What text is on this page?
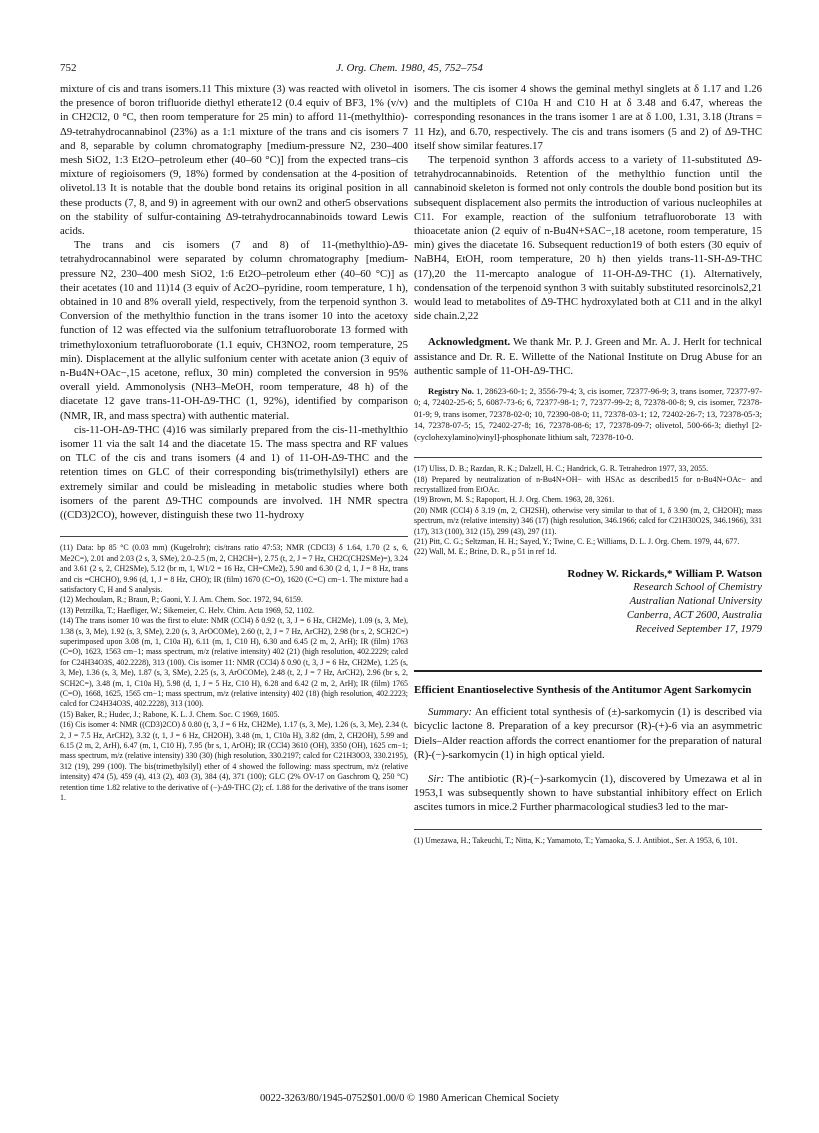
752	J. Org. Chem. 1980, 45, 752–754

mixture of cis and trans isomers.11 This mixture (3) was reacted with olivetol in the presence of boron trifluoride diethyl etherate12 (0.4 equiv of BF3, 1% (v/v) in CH2Cl2, 0 °C, then room temperature for 25 min) to afford 11-(methylthio)-Δ9-tetrahydrocannabinol (23%) as a 1:1 mixture of the trans and cis isomers 7 and 8, separable by column chromatography [medium-pressure N2, 230–400 mesh SiO2, 1:3 Et2O–petroleum ether (40–60 °C)] from the expected trans–cis mixture of regioisomers (9, 18%) formed by condensation at the 4-position of olivetol.13 It is notable that the double bond retains its original position in all these products (7, 8, and 9) in agreement with our own2 and other5 observations on the stability of sulfur-containing Δ9-tetrahydrocannabinoids toward Lewis acids.

The trans and cis isomers (7 and 8) of 11-(methylthio)-Δ9-tetrahydrocannabinol were separated by column chromatography [medium-pressure N2, 230–400 mesh SiO2, 1:6 Et2O–petroleum ether (40–60 °C)] as their acetates (10 and 11)14 (3 equiv of Ac2O–pyridine, room temperature, 1 h), obtained in 10 and 8% overall yield, respectively, from the terpenoid synthon 3. Conversion of the methylthio function in the trans isomer 10 into the acetoxy function of 12 was effected via the sulfonium tetrafluoroborate 13 formed with trimethyloxonium tetrafluoroborate (1.1 equiv, CH3NO2, room temperature, 25 min). Displacement at the allylic sulfonium center with acetate anion (3 equiv of n-Bu4N+OAc−,15 acetone, reflux, 30 min) completed the conversion in 95% overall yield. Ammonolysis (NH3–MeOH, room temperature, 48 h) of the diacetate 12 gave trans-11-OH-Δ9-THC (1, 92%), identified by comparison (NMR, IR, and mass spectra) with authentic material.

cis-11-OH-Δ9-THC (4)16 was similarly prepared from the cis-11-methylthio isomer 11 via the salt 14 and the diacetate 15. The mass spectra and RF values on TLC of the cis and trans isomers (4 and 1) of 11-OH-Δ9-THC and the retention times on GLC of their corresponding bis(trimethylsilyl) ethers are extremely similar and could be misleading in metabolic studies where both isomers of the parent Δ9-THC compounds are involved. 1H NMR spectra ((CD3)2CO), however, distinguish these two 11-hydroxy

(11) Data: bp 85 °C (0.03 mm) (Kugelrohr); cis/trans ratio 47:53; NMR (CDCl3) δ 1.64, 1.70 (2 s, 6, Me2C=), 2.01 and 2.03 (2 s, 3, SMe), 2.0–2.5 (m, 2, CH2CH=), 2.75 (t, 2, J = 7 Hz, CH2C(CH2SMe)=), 3.24 and 3.61 (2 s, 2, CH2SMe), 5.12 (br m, 1, W1/2 = 16 Hz, CH=CMe2), 5.90 and 6.30 (2 d, 1, J = 8 Hz, trans and cis =CHCHO), 9.96 (d, 1, J = 8 Hz, CHO); IR (film) 1670 (C=O), 1620 (C=C) cm−1. The mixture had a satisfactory C, H and S analysis.

(12) Mechoulam, R.; Braun, P.; Gaoni, Y. J. Am. Chem. Soc. 1972, 94, 6159.

(13) Petrzilka, T.; Haefliger, W.; Sikemeier, C. Helv. Chim. Acta 1969, 52, 1102.

(14) The trans isomer 10 was the first to elute: NMR (CCl4) δ 0.92 (t, 3, J = 6 Hz, CH2Me), 1.09 (s, 3, Me), 1.38 (s, 3, Me), 1.92 (s, 3, SMe), 2.20 (s, 3, ArOCOMe), 2.60 (t, 2, J = 7 Hz, ArCH2), 2.98 (br s, 2, SCH2C=) superimposed upon 3.08 (m, 1, C10a H), 6.11 (m, 1, C10 H), 6.30 and 6.45 (2 m, 2, ArH); IR (film) 1763 (C=O), 1623, 1563 cm−1; mass spectrum, m/z (relative intensity) 402 (21) (high resolution, 402.2229; calcd for C24H34O3S, 402.2228), 313 (100). Cis isomer 11: NMR (CCl4) δ 0.90 (t, 3, J = 6 Hz, CH2Me), 1.25 (s, 3, Me), 1.36 (s, 3, Me), 1.87 (s, 3, SMe), 2.25 (s, 3, ArOCOMe), 2.48 (t, 2, J = 7 Hz, ArCH2), 2.96 (br s, 2, SCH2C=), 3.48 (m, 1, C10a H), 5.98 (d, 1, J = 5 Hz, C10 H), 6.28 and 6.42 (2 m, 2, ArH); IR (film) 1765 (C=O), 1668, 1625, 1565 cm−1; mass spectrum, m/z (relative intensity) 402 (18) (high resolution, 402.2223; calcd for C24H34O3S, 402.2228), 313 (100).

(15) Baker, R.; Hudec, J.; Rabone, K. L. J. Chem. Soc. C 1969, 1605.

(16) Cis isomer 4: NMR ((CD3)2CO) δ 0.80 (t, 3, J = 6 Hz, CH2Me), 1.17 (s, 3, Me), 1.26 (s, 3, Me), 2.34 (t, 2, J = 7.5 Hz, ArCH2), 3.32 (t, 1, J = 6 Hz, CH2OH), 3.48 (m, 1, C10a H), 3.82 (dm, 2, CH2OH), 5.99 and 6.15 (2 m, 2, ArH), 6.47 (m, 1, C10 H), 7.95 (br s, 1, ArOH); IR (CCl4) 3610 (OH), 3350 (OH), 1625 cm−1; mass spectrum, m/z (relative intensity) 330 (30) (high resolution, 330.2197; calcd for C21H30O3, 330.2195), 312 (19), 299 (100). The bis(trimethylsilyl) ether of 4 showed the following: mass spectrum, m/z (relative intensity) 474 (5), 459 (4), 413 (2), 403 (3), 384 (4), 371 (100); GLC (2% OV-17 on Gaschrom Q, 250 °C) retention time 1.82 relative to the derivative of (−)-Δ9-THC (2); cf. 1.88 for the derivative of the trans isomer 1.

isomers. The cis isomer 4 shows the geminal methyl singlets at δ 1.17 and 1.26 and the multiplets of C10a H and C10 H at δ 3.48 and 6.47, whereas the corresponding resonances in the trans isomer 1 are at δ 1.00, 1.31, 3.18 (Jtrans = 11 Hz), and 6.70, respectively. The cis and trans isomers (5 and 2) of Δ9-THC itself show similar features.17

The terpenoid synthon 3 affords access to a variety of 11-substituted Δ9-tetrahydrocannabinoids. Retention of the methylthio function until the cannabinoid skeleton is formed not only controls the double bond position but its subsequent displacement also permits the introduction of various nucleophiles at C11. For example, reaction of the sulfonium tetrafluoroborate 13 with thioacetate anion (2 equiv of n-Bu4N+SAC−,18 acetone, room temperature, 15 min) gives the diacetate 16. Subsequent reduction19 of both esters (30 equiv of NaBH4, EtOH, room temperature, 20 h) then yields trans-11-SH-Δ9-THC (17),20 the 11-mercapto analogue of 11-OH-Δ9-THC (1). Alternatively, condensation of the terpenoid synthon 3 with suitably substituted resorcinols2,21 would lead to metabolites of Δ9-THC hydroxylated both at C11 and in the alkyl side chain.2,22

Acknowledgment. We thank Mr. P. J. Green and Mr. A. J. Herlt for technical assistance and Dr. R. E. Willette of the National Institute on Drug Abuse for an authentic sample of 11-OH-Δ9-THC.

Registry No. 1, 28623-60-1; 2, 3556-79-4; 3, cis isomer, 72377-96-9; 3, trans isomer, 72377-97-0; 4, 72402-25-6; 5, 6087-73-6; 6, 72377-98-1; 7, 72377-99-2; 8, 72378-00-8; 9, cis isomer, 72378-01-9; 9, trans isomer, 72378-02-0; 10, 72390-08-0; 11, 72378-03-1; 12, 72402-26-7; 13, 72378-05-3; 14, 72378-07-5; 15, 72402-27-8; 16, 72378-08-6; 17, 72378-09-7; olivetol, 500-66-3; diethyl [2-(cyclohexylamino)vinyl]-phosphonate lithium salt, 72378-10-0.

(17) Uliss, D. B.; Razdan, R. K.; Dalzell, H. C.; Handrick, G. R. Tetrahedron 1977, 33, 2055.

(18) Prepared by neutralization of n-Bu4N+OH− with HSAc as described15 for n-Bu4N+OAc− and recrystallized from EtOAc.

(19) Brown, M. S.; Rapoport, H. J. Org. Chem. 1963, 28, 3261.

(20) NMR (CCl4) δ 3.19 (m, 2, CH2SH), otherwise very similar to that of 1, δ 3.90 (m, 2, CH2OH); mass spectrum, m/z (relative intensity) 346 (17) (high resolution, 346.1966; calcd for C21H30O2S, 346.1966), 331 (17), 313 (100), 312 (15), 299 (43), 297 (11).

(21) Pitt, C. G.; Seltzman, H. H.; Sayed, Y.; Twine, C. E.; Williams, D. L. J. Org. Chem. 1979, 44, 677.

(22) Wall, M. E.; Brine, D. R., p 51 in ref 1d.

Rodney W. Rickards,* William P. Watson
Research School of Chemistry
Australian National University
Canberra, ACT 2600, Australia
Received September 17, 1979
Efficient Enantioselective Synthesis of the Antitumor Agent Sarkomycin

Summary: An efficient total synthesis of (±)-sarkomycin (1) is described via bicyclic lactone 8. Preparation of a key precursor (R)-(+)-6 via an asymmetric Diels–Alder reaction affords the correct enantiomer for the preparation of natural (R)-(−)-sarkomycin (1) in high optical yield.

Sir: The antibiotic (R)-(−)-sarkomycin (1), discovered by Umezawa et al in 1953,1 was subsequently shown to have substantial inhibitory effect on Erlich ascites tumors in mice.2 Further pharmacological studies3 led to the mar-

(1) Umezawa, H.; Takeuchi, T.; Nitta, K.; Yamamoto, T.; Yamaoka, S. J. Antibiot., Ser. A 1953, 6, 101.

0022-3263/80/1945-0752$01.00/0 © 1980 American Chemical Society
